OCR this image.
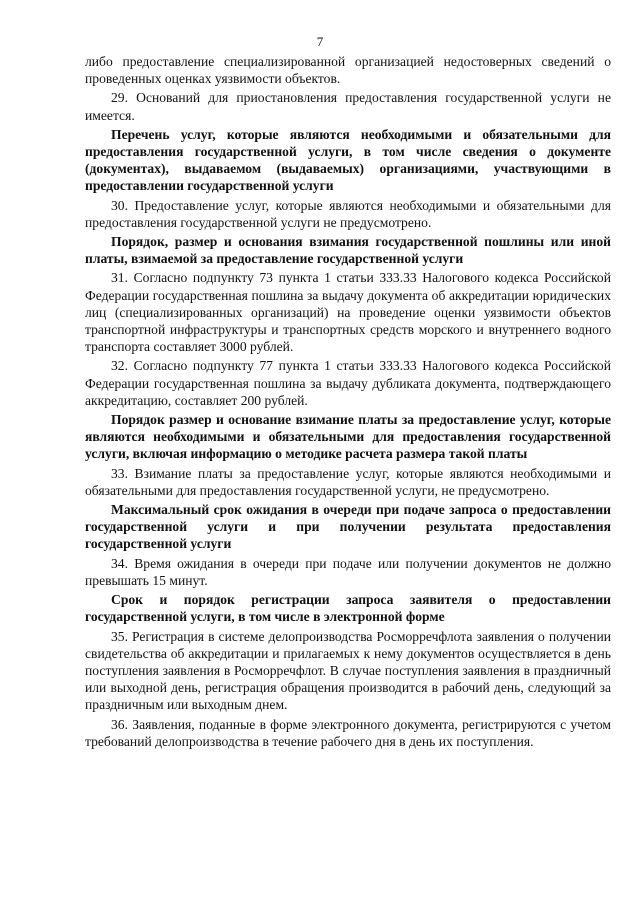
7

либо предоставление специализированной организацией недостоверных сведений о проведенных оценках уязвимости объектов.

29. Оснований для приостановления предоставления государственной услуги не имеется.

Перечень услуг, которые являются необходимыми и обязательными для предоставления государственной услуги, в том числе сведения о документе (документах), выдаваемом (выдаваемых) организациями, участвующими в предоставлении государственной услуги

30. Предоставление услуг, которые являются необходимыми и обязательными для предоставления государственной услуги не предусмотрено.

Порядок, размер и основания взимания государственной пошлины или иной платы, взимаемой за предоставление государственной услуги

31. Согласно подпункту 73 пункта 1 статьи 333.33 Налогового кодекса Российской Федерации государственная пошлина за выдачу документа об аккредитации юридических лиц (специализированных организаций) на проведение оценки уязвимости объектов транспортной инфраструктуры и транспортных средств морского и внутреннего водного транспорта составляет 3000 рублей.

32. Согласно подпункту 77 пункта 1 статьи 333.33 Налогового кодекса Российской Федерации государственная пошлина за выдачу дубликата документа, подтверждающего аккредитацию, составляет 200 рублей.

Порядок размер и основание взимание платы за предоставление услуг, которые являются необходимыми и обязательными для предоставления государственной услуги, включая информацию о методике расчета размера такой платы

33. Взимание платы за предоставление услуг, которые являются необходимыми и обязательными для предоставления государственной услуги, не предусмотрено.

Максимальный срок ожидания в очереди при подаче запроса о предоставлении государственной услуги и при получении результата предоставления государственной услуги

34. Время ожидания в очереди при подаче или получении документов не должно превышать 15 минут.

Срок и порядок регистрации запроса заявителя о предоставлении государственной услуги, в том числе в электронной форме

35. Регистрация в системе делопроизводства Росморречфлота заявления о получении свидетельства об аккредитации и прилагаемых к нему документов осуществляется в день поступления заявления в Росморречфлот. В случае поступления заявления в праздничный или выходной день, регистрация обращения производится в рабочий день, следующий за праздничным или выходным днем.

36. Заявления, поданные в форме электронного документа, регистрируются с учетом требований делопроизводства в течение рабочего дня в день их поступления.
